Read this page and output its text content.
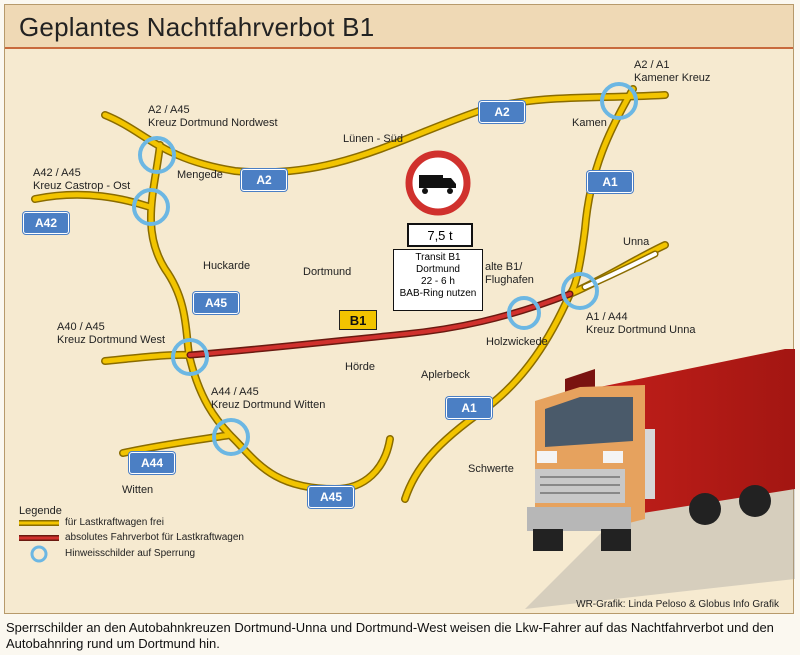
Geplantes Nachtfahrverbot B1
A2 / A1
Kamener Kreuz
Kamen
Lünen - Süd
A2 / A45
Kreuz Dortmund Nordwest
Mengede
A42 / A45
Kreuz Castrop - Ost
Unna
alte B1/
Flughafen
Huckarde	Dortmund
A40 / A45
Kreuz Dortmund West
A1 / A44
Kreuz Dortmund Unna
Holzwickede
Hörde
Aplerbeck
A44 / A45
Kreuz Dortmund Witten
Schwerte
Witten
A2
A2	A1
A42
A45
A1
A44
A45
B1
7,5 t
Transit B1
Dortmund
22 - 6 h
BAB-Ring nutzen
Legende
für Lastkraftwagen frei
absolutes Fahrverbot für Lastkraftwagen
Hinweisschilder auf Sperrung
WR-Grafik: Linda Peloso & Globus Info Grafik
Sperrschilder an den Autobahnkreuzen Dortmund-Unna und Dortmund-West weisen die Lkw-Fahrer auf das Nachtfahrverbot und den Autobahnring rund um Dortmund hin.
